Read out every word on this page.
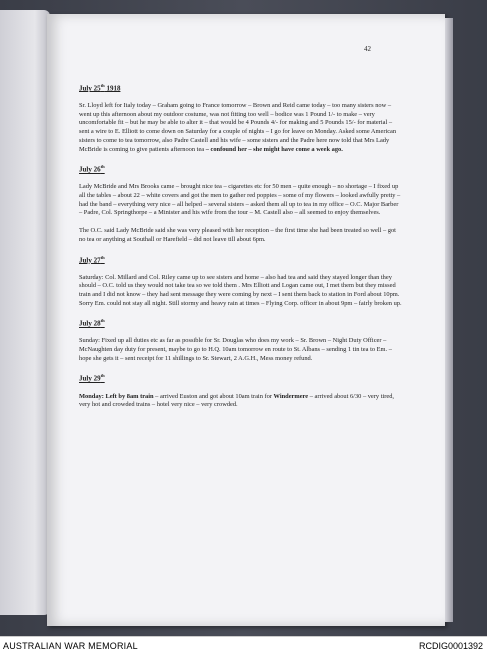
42
July 25th 1918
Sr. Lloyd left for Italy today – Graham going to France tomorrow – Brown and Reid came today – too many sisters now – went up this afternoon about my outdoor costume, was not fitting too well – bodice was 1 Pound 1/- to make – very uncomfortable fit – but he may be able to alter it – that would be 4 Pounds 4/- for making and 5 Pounds 15/- for material – sent a wire to E. Elliott to come down on Saturday for a couple of nights – I go for leave on Monday. Asked some American sisters to come to tea tomorrow, also Padre Castell and his wife – some sisters and the Padre here now told that Mrs Lady McBride is coming to give patients afternoon tea – confound her – she might have come a week ago.
July 26th
Lady McBride and Mrs Brooks came – brought nice tea – cigarettes etc for 50 men – quite enough – no shortage – I fixed up all the tables – about 22 – white covers and got the men to gather red poppies – some of my flowers – looked awfully pretty – had the band – everything very nice – all helped – several sisters – asked them all up to tea in my office – O.C. Major Barber – Padre, Col. Springthorpe – a Minister and his wife from the tour – M. Castell also – all seemed to enjoy themselves.
The O.C. said Lady McBride said she was very pleased with her reception – the first time she had been treated so well – got no tea or anything at Southall or Harefield – did not leave till about 6pm.
July 27th
Saturday: Col. Millard and Col. Riley came up to see sisters and home – also had tea and said they stayed longer than they should – O.C. told us they would not take tea so we told them . Mrs Elliott and Logan came out, I met them but they missed train and I did not know – they had sent message they were coming by next – I sent them back to station in Ford about 10pm. Sorry Em. could not stay all night. Still stormy and heavy rain at times – Flying Corp. officer in about 9pm – fairly broken up.
July 28th
Sunday: Fixed up all duties etc as far as possible for Sr. Douglas who does my work – Sr. Brown – Night Duty Officer – McNaughten day duty for present, maybe to go to H.Q. 10am tomorrow en route to St. Albans – sending 1 tin tea to Em. – hope she gets it – sent receipt for 11 shillings to Sr. Stewart, 2 A.G.H., Mess money refund.
July 29th
Monday: Left by 8am train – arrived Euston and got about 10am train for Windermere – arrived about 6/30 – very tired, very hot and crowded trains – hotel very nice – very crowded.
AUSTRALIAN WAR MEMORIAL	RCDIG0001392
